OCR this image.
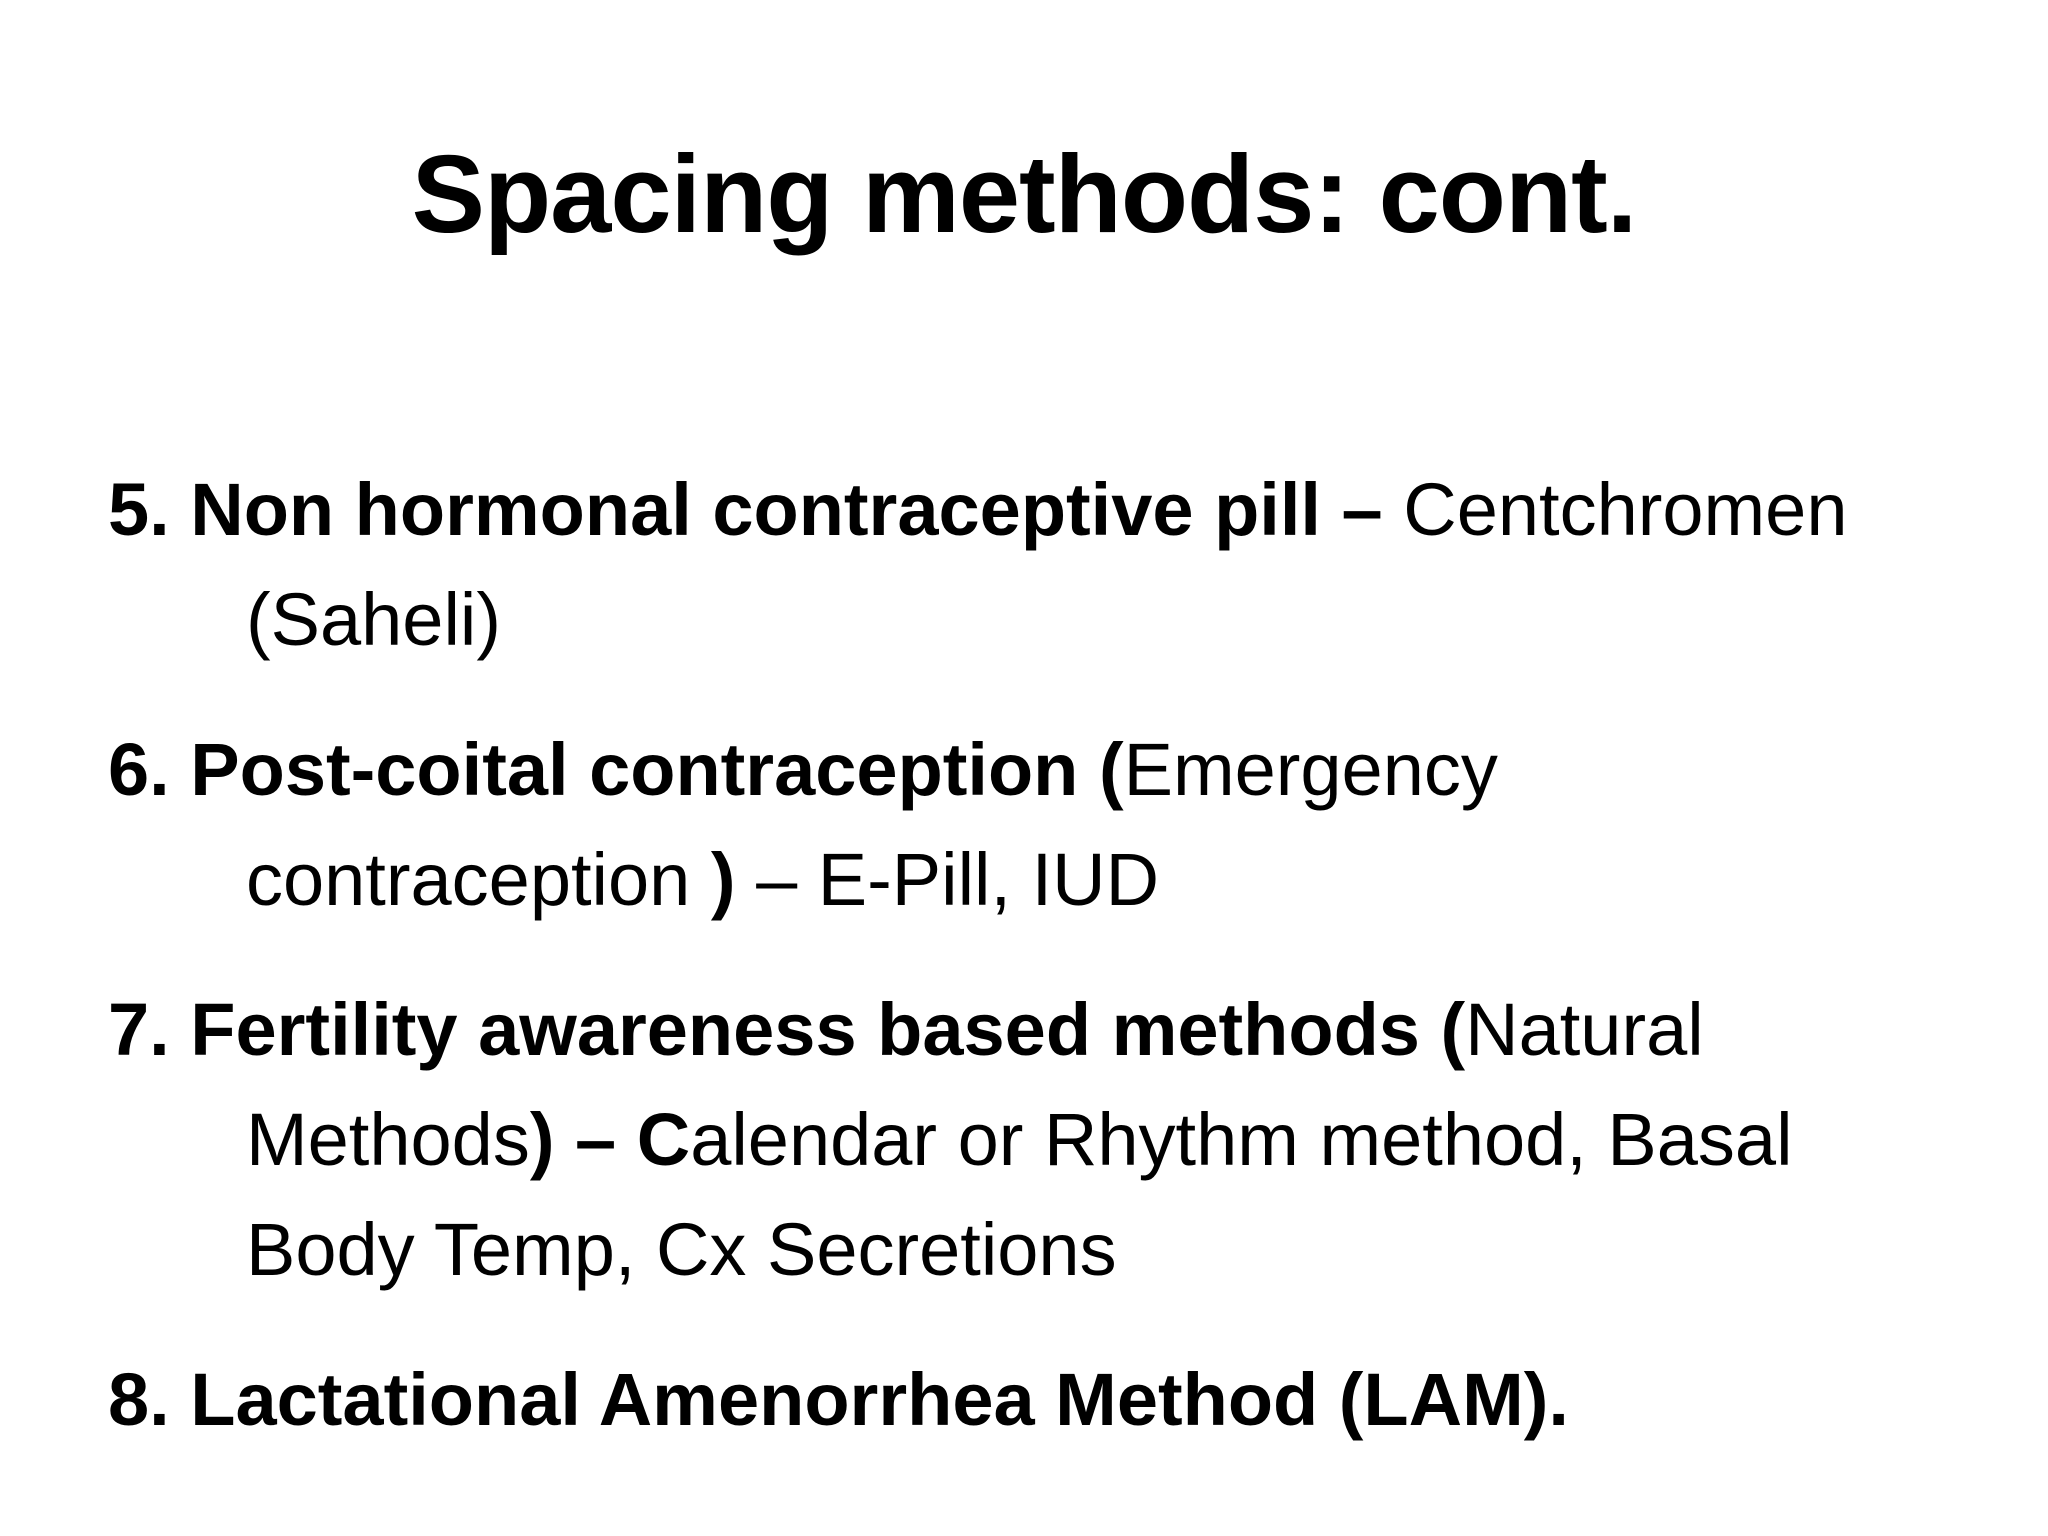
Spacing methods: cont.
5. Non hormonal contraceptive pill – Centchromen (Saheli)
6. Post-coital contraception (Emergency contraception ) – E-Pill, IUD
7. Fertility awareness based methods (Natural Methods) – Calendar or Rhythm method, Basal Body Temp, Cx Secretions
8. Lactational Amenorrhea Method (LAM).
